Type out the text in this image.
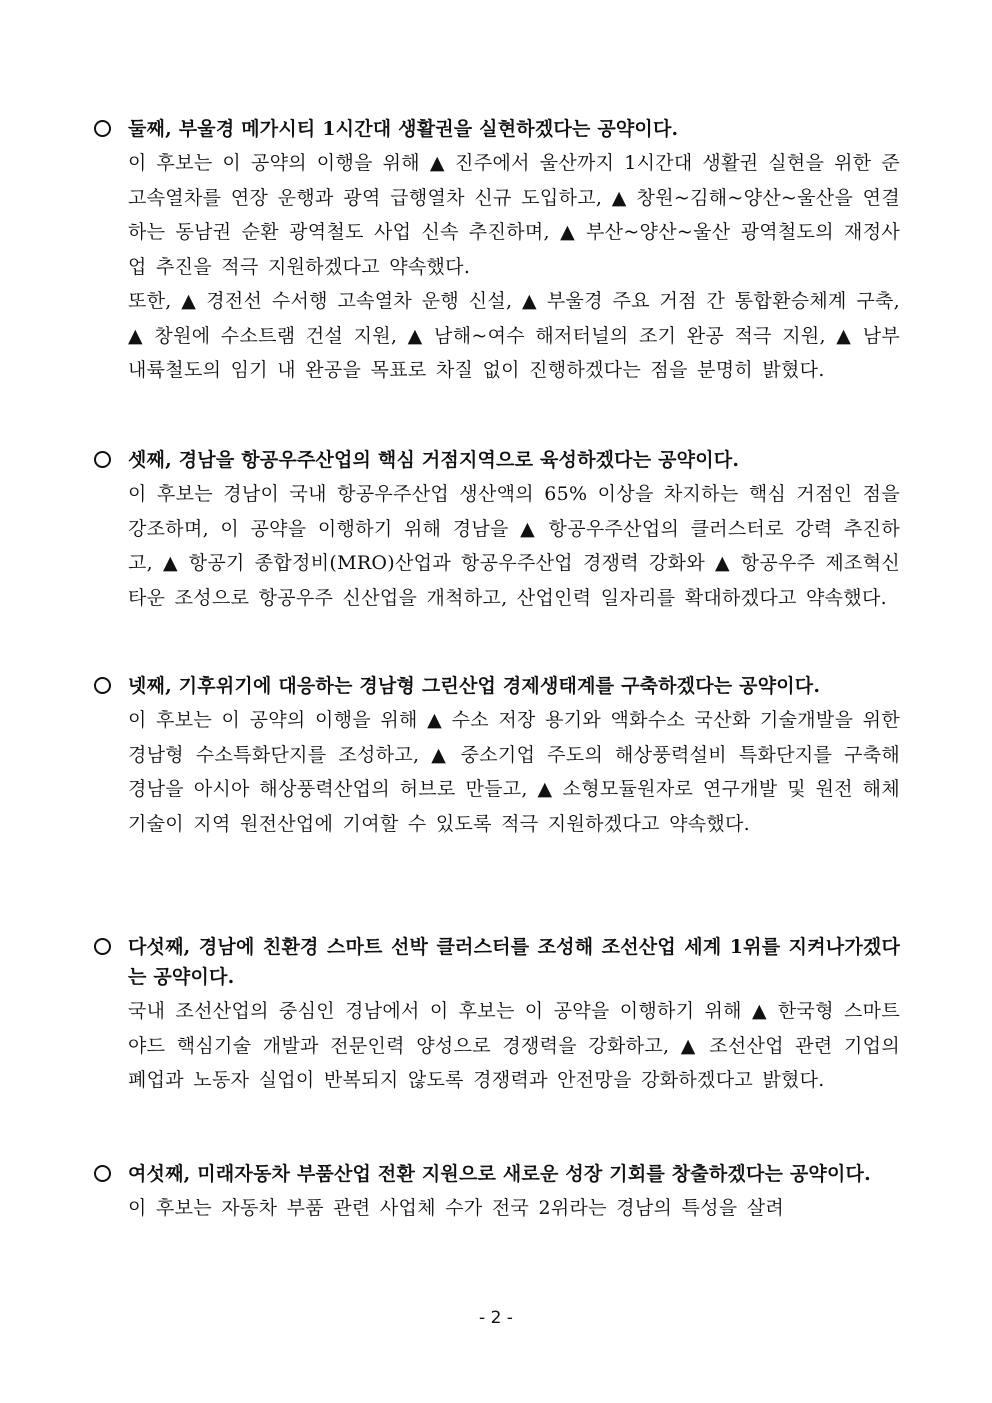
둘째, 부울경 메가시티 1시간대 생활권을 실현하겠다는 공약이다.
이 후보는 이 공약의 이행을 위해 ▲ 진주에서 울산까지 1시간대 생활권 실현을 위한 준고속열차를 연장 운행과 광역 급행열차 신규 도입하고, ▲ 창원~김해~양산~울산을 연결하는 동남권 순환 광역철도 사업 신속 추진하며, ▲ 부산~양산~울산 광역철도의 재정사업 추진을 적극 지원하겠다고 약속했다.
또한, ▲ 경전선 수서행 고속열차 운행 신설, ▲ 부울경 주요 거점 간 통합환승체계 구축, ▲ 창원에 수소트램 건설 지원, ▲ 남해~여수 해저터널의 조기 완공 적극 지원, ▲ 남부내륙철도의 임기 내 완공을 목표로 차질 없이 진행하겠다는 점을 분명히 밝혔다.
셋째, 경남을 항공우주산업의 핵심 거점지역으로 육성하겠다는 공약이다.
이 후보는 경남이 국내 항공우주산업 생산액의 65% 이상을 차지하는 핵심 거점인 점을 강조하며, 이 공약을 이행하기 위해 경남을 ▲ 항공우주산업의 클러스터로 강력 추진하고, ▲ 항공기 종합정비(MRO)산업과 항공우주산업 경쟁력 강화와 ▲ 항공우주 제조혁신타운 조성으로 항공우주 신산업을 개척하고, 산업인력 일자리를 확대하겠다고 약속했다.
넷째, 기후위기에 대응하는 경남형 그린산업 경제생태계를 구축하겠다는 공약이다.
이 후보는 이 공약의 이행을 위해 ▲ 수소 저장 용기와 액화수소 국산화 기술개발을 위한 경남형 수소특화단지를 조성하고, ▲ 중소기업 주도의 해상풍력설비 특화단지를 구축해 경남을 아시아 해상풍력산업의 허브로 만들고, ▲ 소형모듈원자로 연구개발 및 원전 해체기술이 지역 원전산업에 기여할 수 있도록 적극 지원하겠다고 약속했다.
다섯째, 경남에 친환경 스마트 선박 클러스터를 조성해 조선산업 세계 1위를 지켜나가겠다는 공약이다.
국내 조선산업의 중심인 경남에서 이 후보는 이 공약을 이행하기 위해 ▲ 한국형 스마트야드 핵심기술 개발과 전문인력 양성으로 경쟁력을 강화하고, ▲ 조선산업 관련 기업의 폐업과 노동자 실업이 반복되지 않도록 경쟁력과 안전망을 강화하겠다고 밝혔다.
여섯째, 미래자동차 부품산업 전환 지원으로 새로운 성장 기회를 창출하겠다는 공약이다.
이 후보는 자동차 부품 관련 사업체 수가 전국 2위라는 경남의 특성을 살려
- 2 -
